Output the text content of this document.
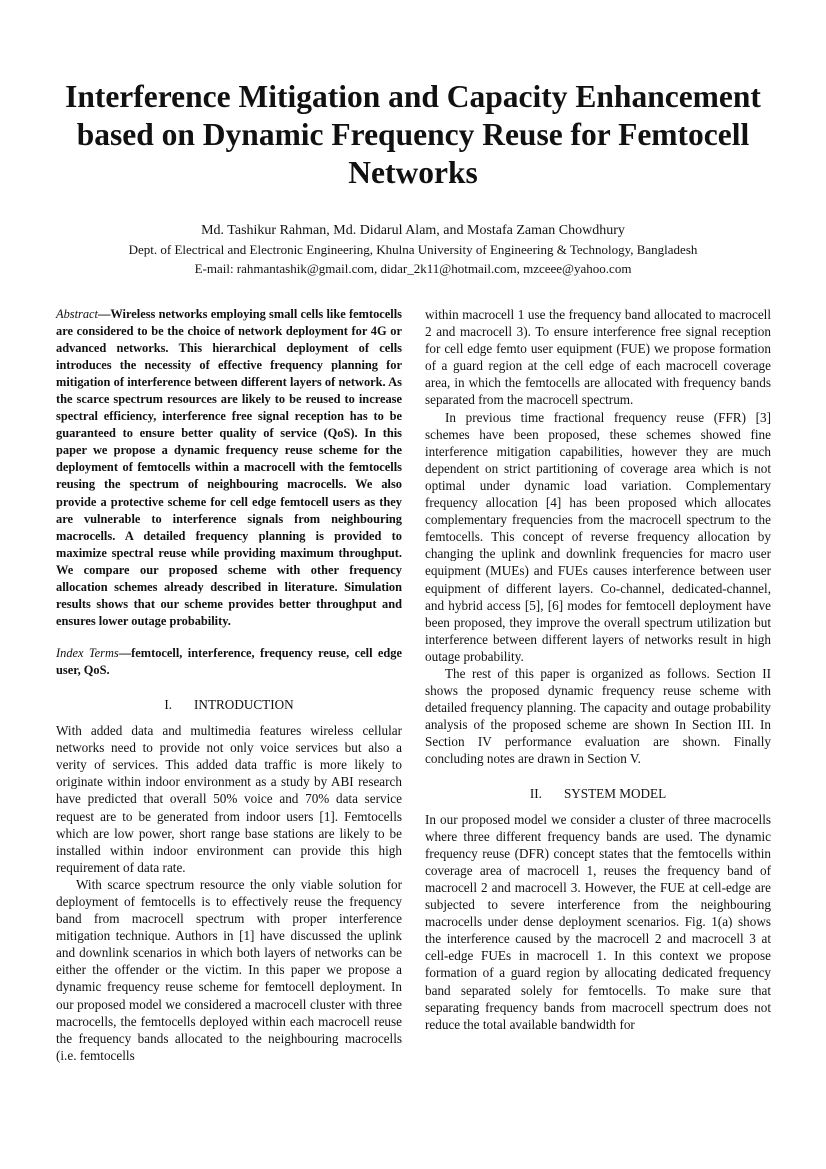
Interference Mitigation and Capacity Enhancement based on Dynamic Frequency Reuse for Femtocell Networks
Md. Tashikur Rahman, Md. Didarul Alam, and Mostafa Zaman Chowdhury
Dept. of Electrical and Electronic Engineering, Khulna University of Engineering & Technology, Bangladesh
E-mail: rahmantashik@gmail.com, didar_2k11@hotmail.com, mzceee@yahoo.com

Abstract—Wireless networks employing small cells like femtocells are considered to be the choice of network deployment for 4G or advanced networks. This hierarchical deployment of cells introduces the necessity of effective frequency planning for mitigation of interference between different layers of network. As the scarce spectrum resources are likely to be reused to increase spectral efficiency, interference free signal reception has to be guaranteed to ensure better quality of service (QoS). In this paper we propose a dynamic frequency reuse scheme for the deployment of femtocells within a macrocell with the femtocells reusing the spectrum of neighbouring macrocells. We also provide a protective scheme for cell edge femtocell users as they are vulnerable to interference signals from neighbouring macrocells. A detailed frequency planning is provided to maximize spectral reuse while providing maximum throughput. We compare our proposed scheme with other frequency allocation schemes already described in literature. Simulation results shows that our scheme provides better throughput and ensures lower outage probability.

Index Terms—femtocell, interference, frequency reuse, cell edge user, QoS.

I. INTRODUCTION

With added data and multimedia features wireless cellular networks need to provide not only voice services but also a verity of services. This added data traffic is more likely to originate within indoor environment as a study by ABI research have predicted that overall 50% voice and 70% data service request are to be generated from indoor users [1]. Femtocells which are low power, short range base stations are likely to be installed within indoor environment can provide this high requirement of data rate.

With scarce spectrum resource the only viable solution for deployment of femtocells is to effectively reuse the frequency band from macrocell spectrum with proper interference mitigation technique. Authors in [1] have discussed the uplink and downlink scenarios in which both layers of networks can be either the offender or the victim. In this paper we propose a dynamic frequency reuse scheme for femtocell deployment. In our proposed model we considered a macrocell cluster with three macrocells, the femtocells deployed within each macrocell reuse the frequency bands allocated to the neighbouring macrocells (i.e. femtocells

within macrocell 1 use the frequency band allocated to macrocell 2 and macrocell 3). To ensure interference free signal reception for cell edge femto user equipment (FUE) we propose formation of a guard region at the cell edge of each macrocell coverage area, in which the femtocells are allocated with frequency bands separated from the macrocell spectrum.

In previous time fractional frequency reuse (FFR) [3] schemes have been proposed, these schemes showed fine interference mitigation capabilities, however they are much dependent on strict partitioning of coverage area which is not optimal under dynamic load variation. Complementary frequency allocation [4] has been proposed which allocates complementary frequencies from the macrocell spectrum to the femtocells. This concept of reverse frequency allocation by changing the uplink and downlink frequencies for macro user equipment (MUEs) and FUEs causes interference between user equipment of different layers. Co-channel, dedicated-channel, and hybrid access [5], [6] modes for femtocell deployment have been proposed, they improve the overall spectrum utilization but interference between different layers of networks result in high outage probability.

The rest of this paper is organized as follows. Section II shows the proposed dynamic frequency reuse scheme with detailed frequency planning. The capacity and outage probability analysis of the proposed scheme are shown In Section III. In Section IV performance evaluation are shown. Finally concluding notes are drawn in Section V.

II. SYSTEM MODEL

In our proposed model we consider a cluster of three macrocells where three different frequency bands are used. The dynamic frequency reuse (DFR) concept states that the femtocells within coverage area of macrocell 1, reuses the frequency band of macrocell 2 and macrocell 3. However, the FUE at cell-edge are subjected to severe interference from the neighbouring macrocells under dense deployment scenarios. Fig. 1(a) shows the interference caused by the macrocell 2 and macrocell 3 at cell-edge FUEs in macrocell 1. In this context we propose formation of a guard region by allocating dedicated frequency band separated solely for femtocells. To make sure that separating frequency bands from macrocell spectrum does not reduce the total available bandwidth for
